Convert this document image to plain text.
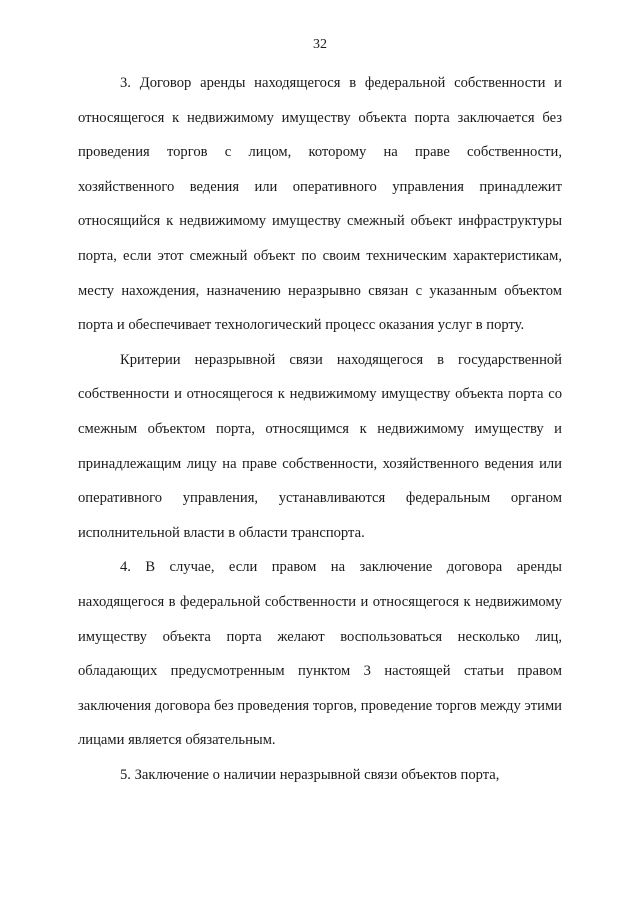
32

3. Договор аренды находящегося в федеральной собственности и относящегося к недвижимому имуществу объекта порта заключается без проведения торгов с лицом, которому на праве собственности, хозяйственного ведения или оперативного управления принадлежит относящийся к недвижимому имуществу смежный объект инфраструктуры порта, если этот смежный объект по своим техническим характеристикам, месту нахождения, назначению неразрывно связан с указанным объектом порта и обеспечивает технологический процесс оказания услуг в порту.

Критерии неразрывной связи находящегося в государственной собственности и относящегося к недвижимому имуществу объекта порта со смежным объектом порта, относящимся к недвижимому имуществу и принадлежащим лицу на праве собственности, хозяйственного ведения или оперативного управления, устанавливаются федеральным органом исполнительной власти в области транспорта.

4. В случае, если правом на заключение договора аренды находящегося в федеральной собственности и относящегося к недвижимому имуществу объекта порта желают воспользоваться несколько лиц, обладающих предусмотренным пунктом 3 настоящей статьи правом заключения договора без проведения торгов, проведение торгов между этими лицами является обязательным.

5. Заключение о наличии неразрывной связи объектов порта,
